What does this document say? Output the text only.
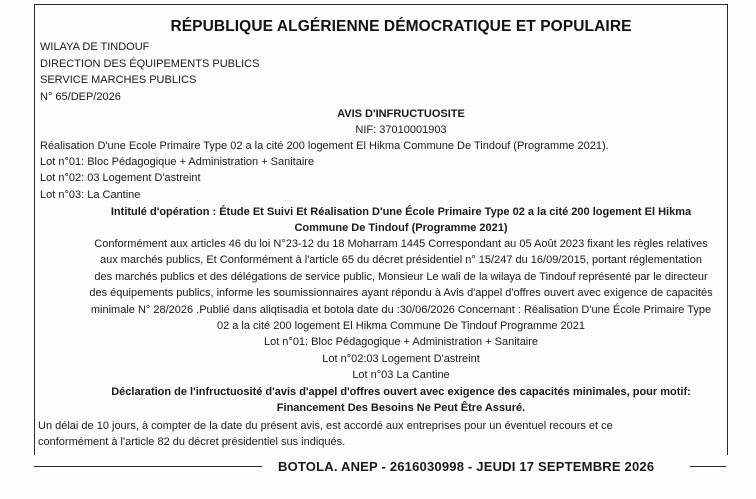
RÉPUBLIQUE ALGÉRIENNE DÉMOCRATIQUE ET POPULAIRE
WILAYA DE TINDOUF
DIRECTION DES ÉQUIPEMENTS PUBLICS
SERVICE MARCHES PUBLICS
N° 65/DEP/2026
AVIS D'INFRUCTUOSITE
NIF: 37010001903
Réalisation D'une Ecole Primaire Type 02 a la cité 200 logement El Hikma Commune De Tindouf (Programme 2021).
Lot n°01: Bloc Pédagogique + Administration + Sanitaire
Lot n°02: 03 Logement D'astreint
Lot n°03: La Cantine
Intitulé d'opération : Étude Et Suivi Et Réalisation D'une École Primaire Type 02 a la cité 200 logement El Hikma
Commune De Tindouf (Programme 2021)
Conformément aux articles 46 du loi N°23-12 du 18 Moharram 1445 Correspondant au 05 Août 2023 fixant les règles relatives
aux marchés publics, Et Conformément à l'article 65 du décret présidentiel n° 15/247 du 16/09/2015, portant réglementation
des marchés publics et des délégations de service public, Monsieur Le wali de la wilaya de Tindouf représenté par le directeur
des équipements publics, informe les soumissionnaires ayant répondu à Avis d'appel d'offres ouvert avec exigence de capacités
minimale N° 28/2026 .Publié dans aliqtisadia et botola date du :30/06/2026 Concernant : Réalisation D'une École Primaire Type
02 a la cité 200 logement El Hikma Commune De Tindouf Programme 2021
Lot n°01: Bloc Pédagogique + Administration + Sanitaire
Lot n°02:03 Logement D'astreint
Lot n°03 La Cantine
Déclaration de l'infructuosité d'avis d'appel d'offres ouvert avec exigence des capacités minimales, pour motif:
Financement Des Besoins Ne Peut Être Assuré.
Un délai de 10 jours, à compter de la date du présent avis, est accordé aux entreprises pour un éventuel recours et ce
conformément à l'article 82 du décret présidentiel sus indiqués.
BOTOLA. ANEP - 2616030998 - JEUDI 17 SEPTEMBRE 2026
